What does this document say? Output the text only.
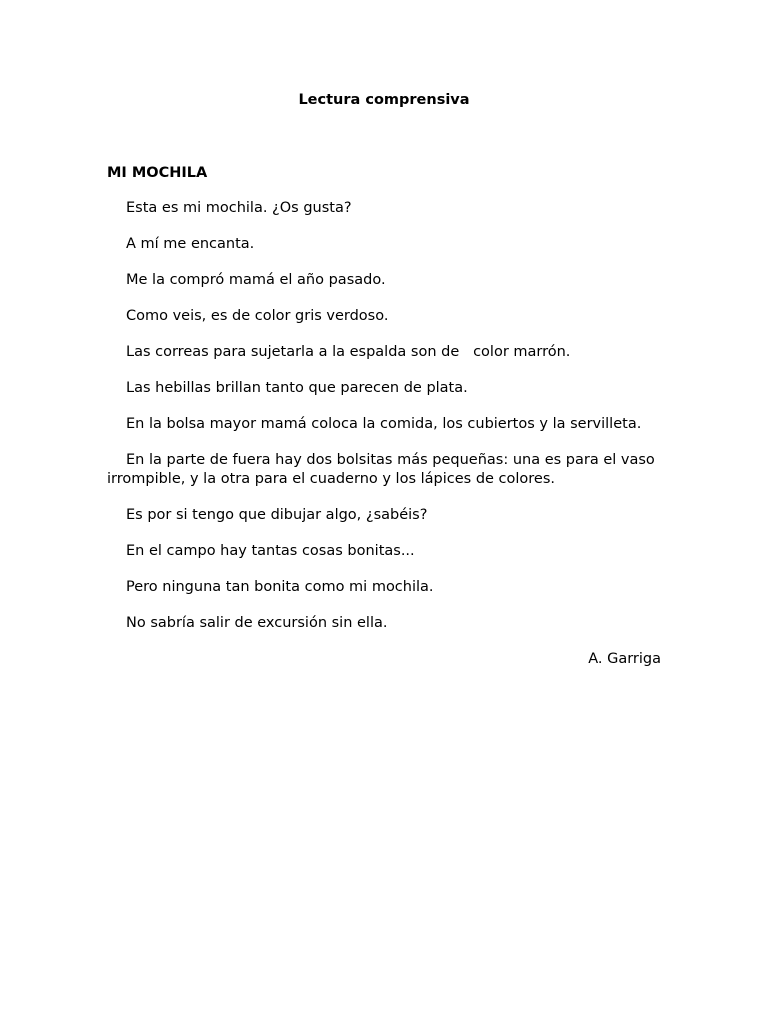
Lectura comprensiva
MI MOCHILA

Esta es mi mochila. ¿Os gusta?

A mí me encanta.

Me la compró mamá el año pasado.

Como veis, es de color gris verdoso.

Las correas para sujetarla a la espalda son de   color marrón.

Las hebillas brillan tanto que parecen de plata.

En la bolsa mayor mamá coloca la comida, los cubiertos y la servilleta.

En la parte de fuera hay dos bolsitas más pequeñas: una es para el vaso irrompible, y la otra para el cuaderno y los lápices de colores.

Es por si tengo que dibujar algo, ¿sabéis?

En el campo hay tantas cosas bonitas...

Pero ninguna tan bonita como mi mochila.

No sabría salir de excursión sin ella.

A. Garriga
